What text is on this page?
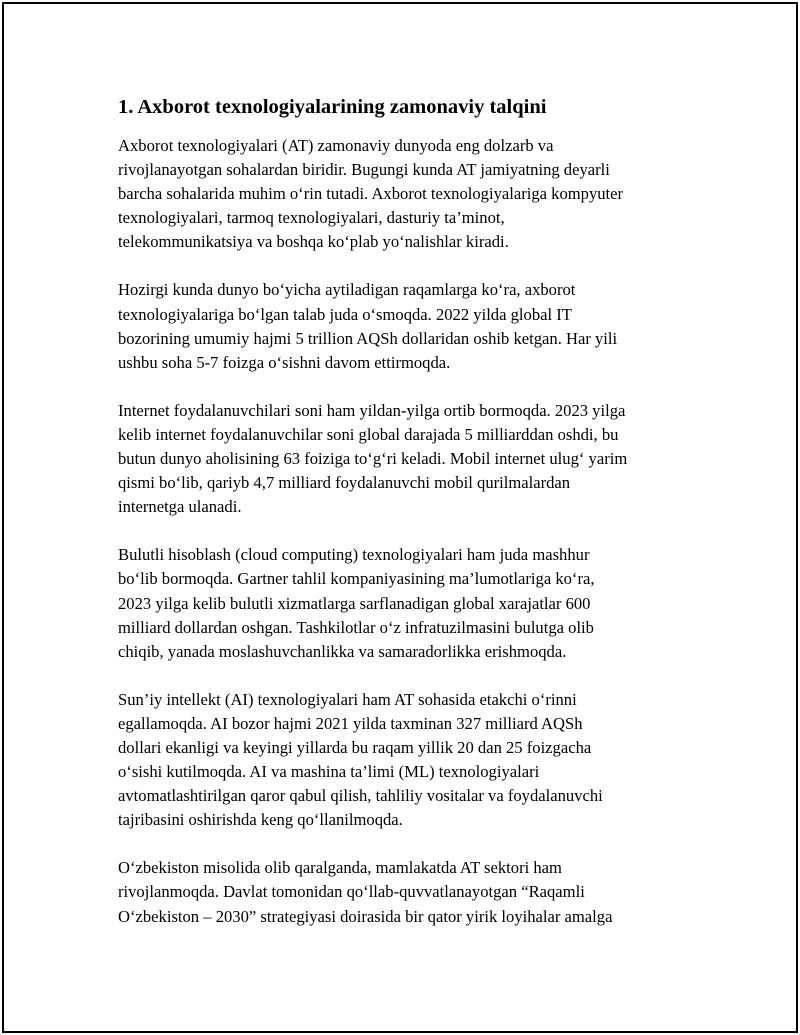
1. Axborot texnologiyalarining zamonaviy talqini

Axborot texnologiyalari (AT) zamonaviy dunyoda eng dolzarb va
rivojlanayotgan sohalardan biridir. Bugungi kunda AT jamiyatning deyarli
barcha sohalarida muhim o‘rin tutadi. Axborot texnologiyalariga kompyuter
texnologiyalari, tarmoq texnologiyalari, dasturiy ta’minot,
telekommunikatsiya va boshqa ko‘plab yo‘nalishlar kiradi.

Hozirgi kunda dunyo bo‘yicha aytiladigan raqamlarga ko‘ra, axborot
texnologiyalariga bo‘lgan talab juda o‘smoqda. 2022 yilda global IT
bozorining umumiy hajmi 5 trillion AQSh dollaridan oshib ketgan. Har yili
ushbu soha 5-7 foizga o‘sishni davom ettirmoqda.

Internet foydalanuvchilari soni ham yildan-yilga ortib bormoqda. 2023 yilga
kelib internet foydalanuvchilar soni global darajada 5 milliarddan oshdi, bu
butun dunyo aholisining 63 foiziga to‘g‘ri keladi. Mobil internet ulug‘ yarim
qismi bo‘lib, qariyb 4,7 milliard foydalanuvchi mobil qurilmalardan
internetga ulanadi.

Bulutli hisoblash (cloud computing) texnologiyalari ham juda mashhur
bo‘lib bormoqda. Gartner tahlil kompaniyasining ma’lumotlariga ko‘ra,
2023 yilga kelib bulutli xizmatlarga sarflanadigan global xarajatlar 600
milliard dollardan oshgan. Tashkilotlar o‘z infratuzilmasini bulutga olib
chiqib, yanada moslashuvchanlikka va samaradorlikka erishmoqda.

Sun’iy intellekt (AI) texnologiyalari ham AT sohasida etakchi o‘rinni
egallamoqda. AI bozor hajmi 2021 yilda taxminan 327 milliard AQSh
dollari ekanligi va keyingi yillarda bu raqam yillik 20 dan 25 foizgacha
o‘sishi kutilmoqda. AI va mashina ta’limi (ML) texnologiyalari
avtomatlashtirilgan qaror qabul qilish, tahliliy vositalar va foydalanuvchi
tajribasini oshirishda keng qo‘llanilmoqda.

O‘zbekiston misolida olib qaralganda, mamlakatda AT sektori ham
rivojlanmoqda. Davlat tomonidan qo‘llab-quvvatlanayotgan “Raqamli
O‘zbekiston – 2030” strategiyasi doirasida bir qator yirik loyihalar amalga
